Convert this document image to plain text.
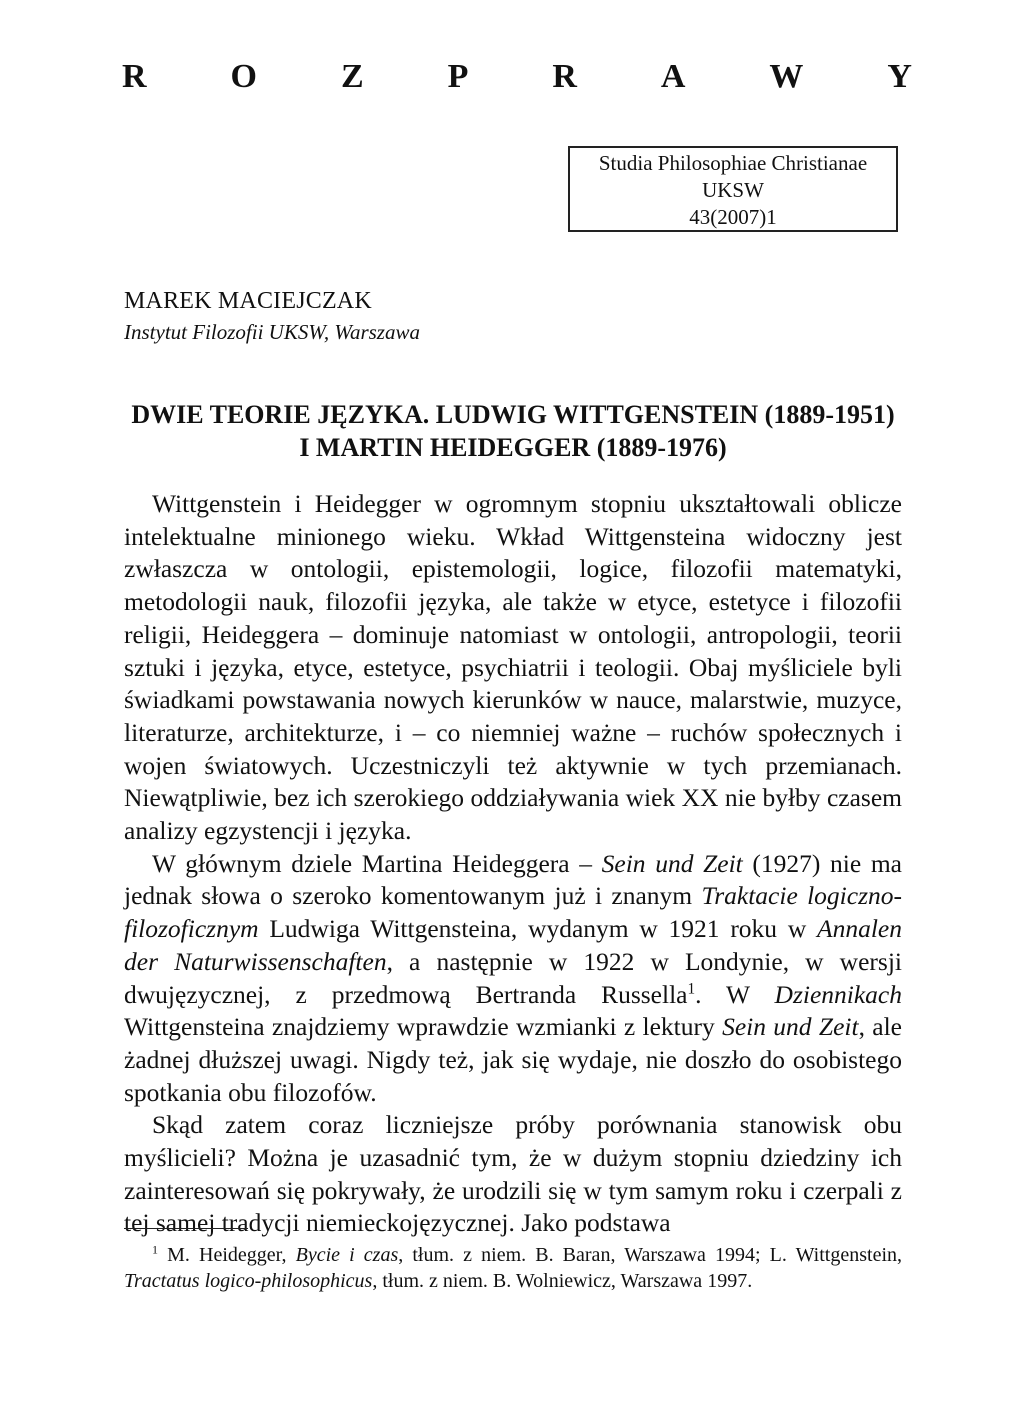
R O Z P R A W Y
Studia Philosophiae Christianae
UKSW
43(2007)1
MAREK MACIEJCZAK
Instytut Filozofii UKSW, Warszawa
DWIE TEORIE JĘZYKA. LUDWIG WITTGENSTEIN (1889-1951)
I MARTIN HEIDEGGER (1889-1976)

Wittgenstein i Heidegger w ogromnym stopniu ukształtowali oblicze intelektualne minionego wieku. Wkład Wittgensteina widoczny jest zwłaszcza w ontologii, epistemologii, logice, filozofii matematyki, metodologii nauk, filozofii języka, ale także w etyce, estetyce i filozofii religii, Heideggera – dominuje natomiast w ontologii, antropologii, teorii sztuki i języka, etyce, estetyce, psychiatrii i teologii. Obaj myśliciele byli świadkami powstawania nowych kierunków w nauce, malarstwie, muzyce, literaturze, architekturze, i – co niemniej ważne – ruchów społecznych i wojen światowych. Uczestniczyli też aktywnie w tych przemianach. Niewątpliwie, bez ich szerokiego oddziaływania wiek XX nie byłby czasem analizy egzystencji i języka.

W głównym dziele Martina Heideggera – Sein und Zeit (1927) nie ma jednak słowa o szeroko komentowanym już i znanym Traktacie logiczno-filozoficznym Ludwiga Wittgensteina, wydanym w 1921 roku w Annalen der Naturwissenschaften, a następnie w 1922 w Londynie, w wersji dwujęzycznej, z przedmową Bertranda Russella$^1$. W Dziennikach Wittgensteina znajdziemy wprawdzie wzmianki z lektury Sein und Zeit, ale żadnej dłuższej uwagi. Nigdy też, jak się wydaje, nie doszło do osobistego spotkania obu filozofów.

Skąd zatem coraz liczniejsze próby porównania stanowisk obu myślicieli? Można je uzasadnić tym, że w dużym stopniu dziedziny ich zainteresowań się pokrywały, że urodzili się w tym samym roku i czerpali z tej samej tradycji niemieckojęzycznej. Jako podstawa

$^1$ M. Heidegger, Bycie i czas, tłum. z niem. B. Baran, Warszawa 1994; L. Wittgenstein, Tractatus logico-philosophicus, tłum. z niem. B. Wolniewicz, Warszawa 1997.
